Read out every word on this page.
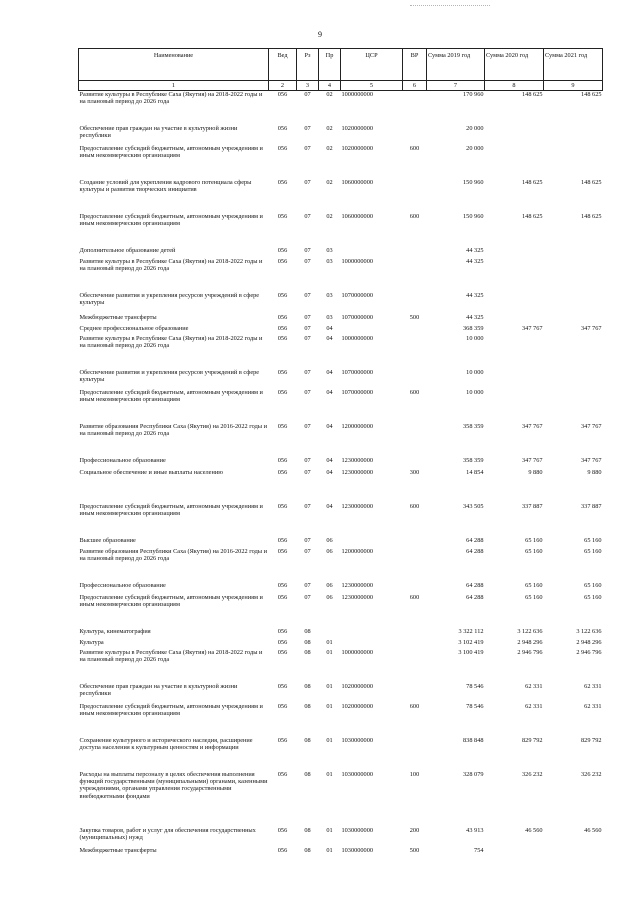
9
Наименование	Вед	Рз	Пр	ЦСР	ВР	Сумма 2019 год	Сумма 2020 год	Сумма 2021 год
1	2	3	4	5	6	7	8	9
Развитие культуры в Республике Саха (Якутия) на 2018-2022 годы и на плановый период до 2026 года	056	07	02	1000000000		170 960	148 625	148 625
Обеспечение прав граждан на участие в культурной жизни республики	056	07	02	1020000000		20 000		
Предоставление субсидий бюджетным, автономным учреждениям и иным некоммерческим организациям	056	07	02	1020000000	600	20 000		
Создание условий для укрепления кадрового потенциала сферы культуры и развития творческих инициатив	056	07	02	1060000000		150 960	148 625	148 625
Предоставление субсидий бюджетным, автономным учреждениям и иным некоммерческим организациям	056	07	02	1060000000	600	150 960	148 625	148 625
Дополнительное образование детей	056	07	03			44 325		
Развитие культуры в Республике Саха (Якутия) на 2018-2022 годы и на плановый период до 2026 года	056	07	03	1000000000		44 325		
Обеспечение развития и укрепления ресурсов учреждений в сфере культуры	056	07	03	1070000000		44 325		
Межбюджетные трансферты	056	07	03	1070000000	500	44 325		
Среднее профессиональное образование	056	07	04			368 359	347 767	347 767
Развитие культуры в Республике Саха (Якутия) на 2018-2022 годы и на плановый период до 2026 года	056	07	04	1000000000		10 000		
Обеспечение развития и укрепления ресурсов учреждений в сфере культуры	056	07	04	1070000000		10 000		
Предоставление субсидий бюджетным, автономным учреждениям и иным некоммерческим организациям	056	07	04	1070000000	600	10 000		
Развитие образования Республики Саха (Якутия) на 2016-2022 годы и на плановый период до 2026 года	056	07	04	1200000000		358 359	347 767	347 767
Профессиональное образование	056	07	04	1230000000		358 359	347 767	347 767
Социальное обеспечение и иные выплаты населению	056	07	04	1230000000	300	14 854	9 880	9 880
Предоставление субсидий бюджетным, автономным учреждениям и иным некоммерческим организациям	056	07	04	1230000000	600	343 505	337 887	337 887
Высшее образование	056	07	06			64 288	65 160	65 160
Развитие образования Республики Саха (Якутия) на 2016-2022 годы и на плановый период до 2026 года	056	07	06	1200000000		64 288	65 160	65 160
Профессиональное образование	056	07	06	1230000000		64 288	65 160	65 160
Предоставление субсидий бюджетным, автономным учреждениям и иным некоммерческим организациям	056	07	06	1230000000	600	64 288	65 160	65 160
Культура, кинематография	056	08				3 322 112	3 122 636	3 122 636
Культура	056	08	01			3 102 419	2 948 296	2 948 296
Развитие культуры в Республике Саха (Якутия) на 2018-2022 годы и на плановый период до 2026 года	056	08	01	1000000000		3 100 419	2 946 796	2 946 796
Обеспечение прав граждан на участие в культурной жизни республики	056	08	01	1020000000		78 546	62 331	62 331
Предоставление субсидий бюджетным, автономным учреждениям и иным некоммерческим организациям	056	08	01	1020000000	600	78 546	62 331	62 331
Сохранение культурного и исторического наследия, расширение доступа населения к культурным ценностям и информации	056	08	01	1030000000		838 848	829 792	829 792
Расходы на выплаты персоналу в целях обеспечения выполнения функций государственными (муниципальными) органами, казенными учреждениями, органами управления государственными внебюджетными фондами	056	08	01	1030000000	100	328 079	326 232	326 232
Закупка товаров, работ и услуг для обеспечения государственных (муниципальных) нужд	056	08	01	1030000000	200	43 913	46 560	46 560
Межбюджетные трансферты	056	08	01	1030000000	500	754		
